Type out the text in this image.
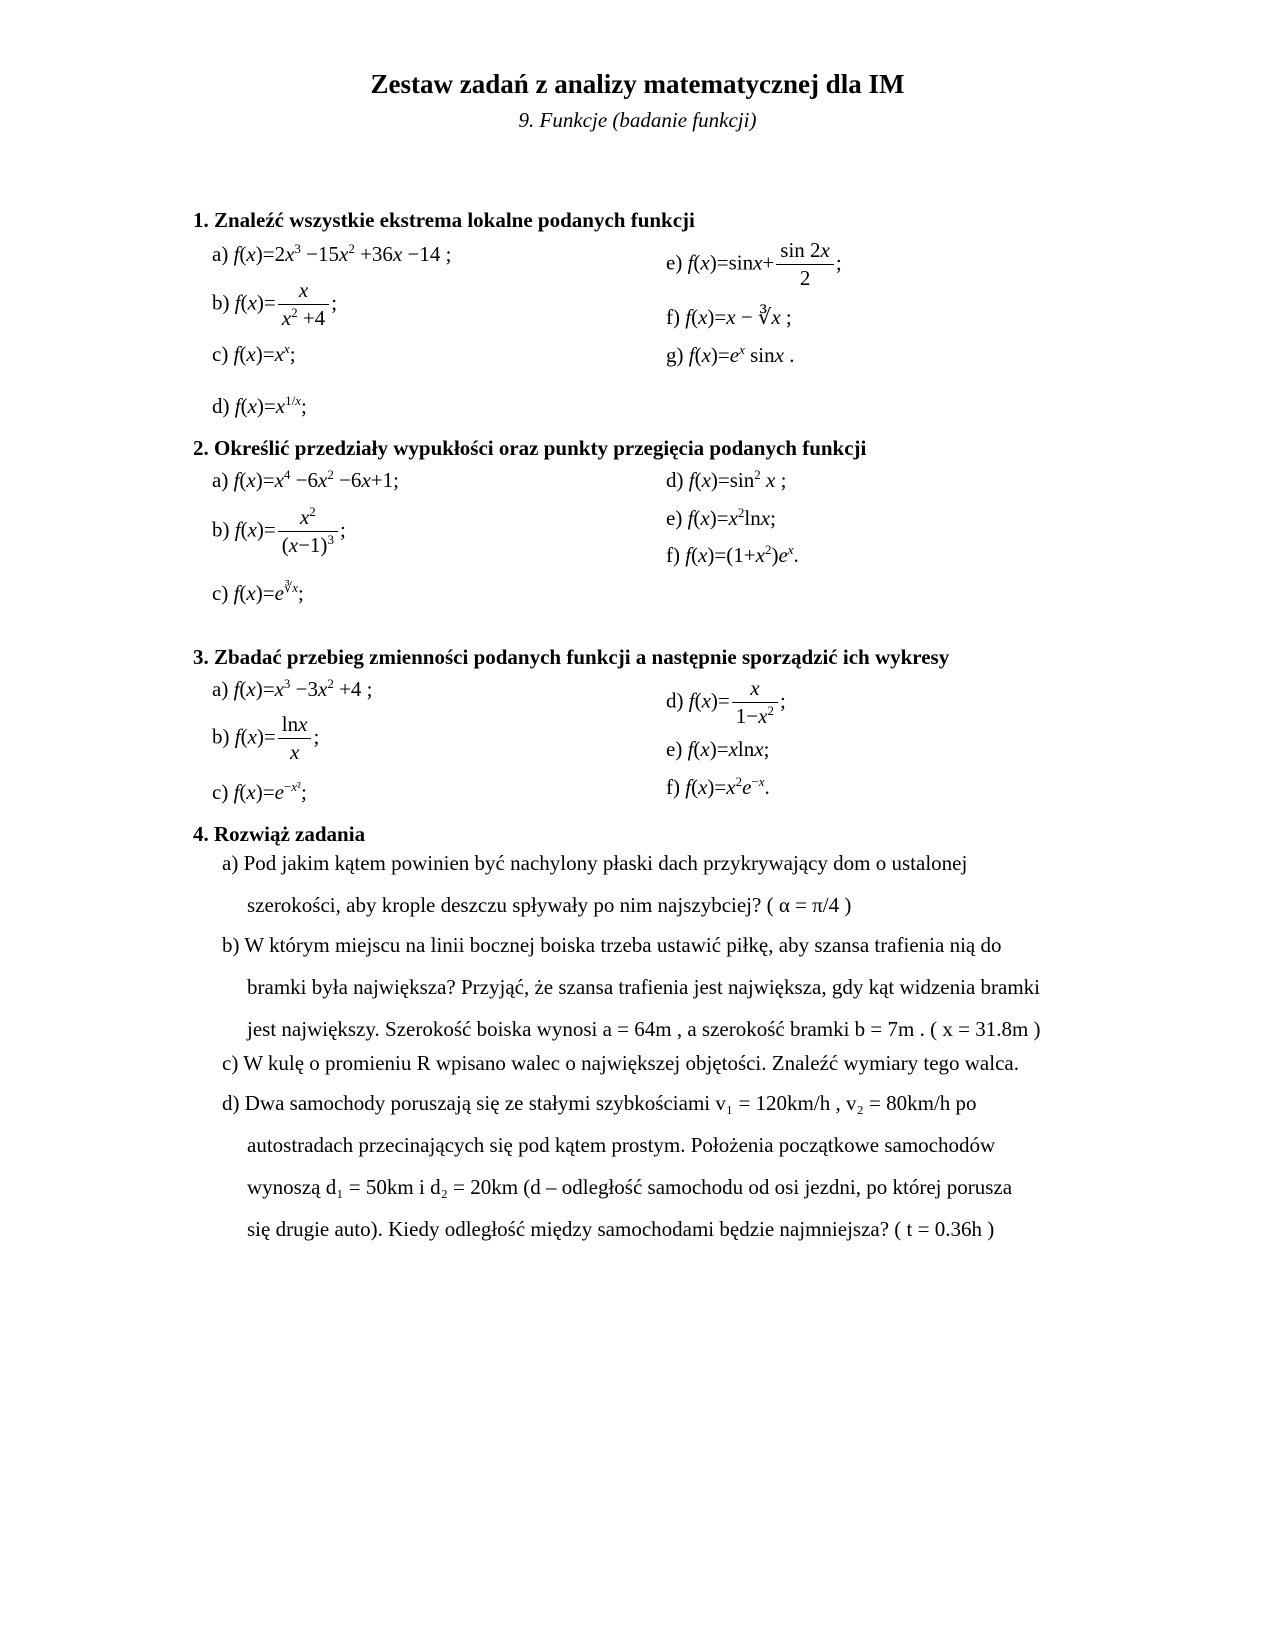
Zestaw zadań z analizy matematycznej dla IM
9. Funkcje (badanie funkcji)
1. Znaleźć wszystkie ekstrema lokalne podanych funkcji
a) $f(x)=2x^3 -15x^2 +36x -14$ ;
b) $f(x)= \frac{x}{x^2 +4}$ ;
c) $f(x)=x^x$;
d) $f(x)=x^{1/x}$;
e) $f(x)=\sin x+ \frac{\sin 2x}{2}$ ;
f) f(x)=x − ∛x ;
g) $f(x)=e^x$ sinx .
2. Określić przedziały wypukłości oraz punkty przegięcia podanych funkcji
a) $f(x)=x^4 -6x^2 -6x+1$;
b) $f(x)= \frac{x^2}{(x-1)^3}$ ;
c) $f(x)=e^{∛x}$;
d) $f(x)=\sin^2$ x ;
e) $f(x)=x^2\ln x$;
f) $f(x)=(1+x^2)e^x$.
3. Zbadać przebieg zmienności podanych funkcji a następnie sporządzić ich wykresy
a) $f(x)=x^3 -3x^2 +4$ ;
b) $f(x)= \frac{\ln x}{x}$ ;
c) $f(x)=e^{-x^2}$;
d) $f(x)= \frac{x}{1-x^2}$ ;
e) f(x)=xlnx;
f) $f(x)=x^2e^{-x}$.
4. Rozwiąż zadania

a) Pod jakim kątem powinien być nachylony płaski dach przykrywający dom o ustalonej

szerokości, aby krople deszczu spływały po nim najszybciej? ( α = π/4 )

b) W którym miejscu na linii bocznej boiska trzeba ustawić piłkę, aby szansa trafienia nią do

bramki była największa? Przyjąć, że szansa trafienia jest największa, gdy kąt widzenia bramki

jest największy. Szerokość boiska wynosi a = 64m , a szerokość bramki b = 7m . ( x = 31.8m )

c) W kulę o promieniu R wpisano walec o największej objętości. Znaleźć wymiary tego walca.

d) Dwa samochody poruszają się ze stałymi szybkościami v₁ = 120km/h , v₂ = 80km/h po

autostradach przecinających się pod kątem prostym. Położenia początkowe samochodów

wynoszą d₁ = 50km i d₂ = 20km (d – odległość samochodu od osi jezdni, po której porusza

się drugie auto). Kiedy odległość między samochodami będzie najmniejsza? ( t = 0.36h )
